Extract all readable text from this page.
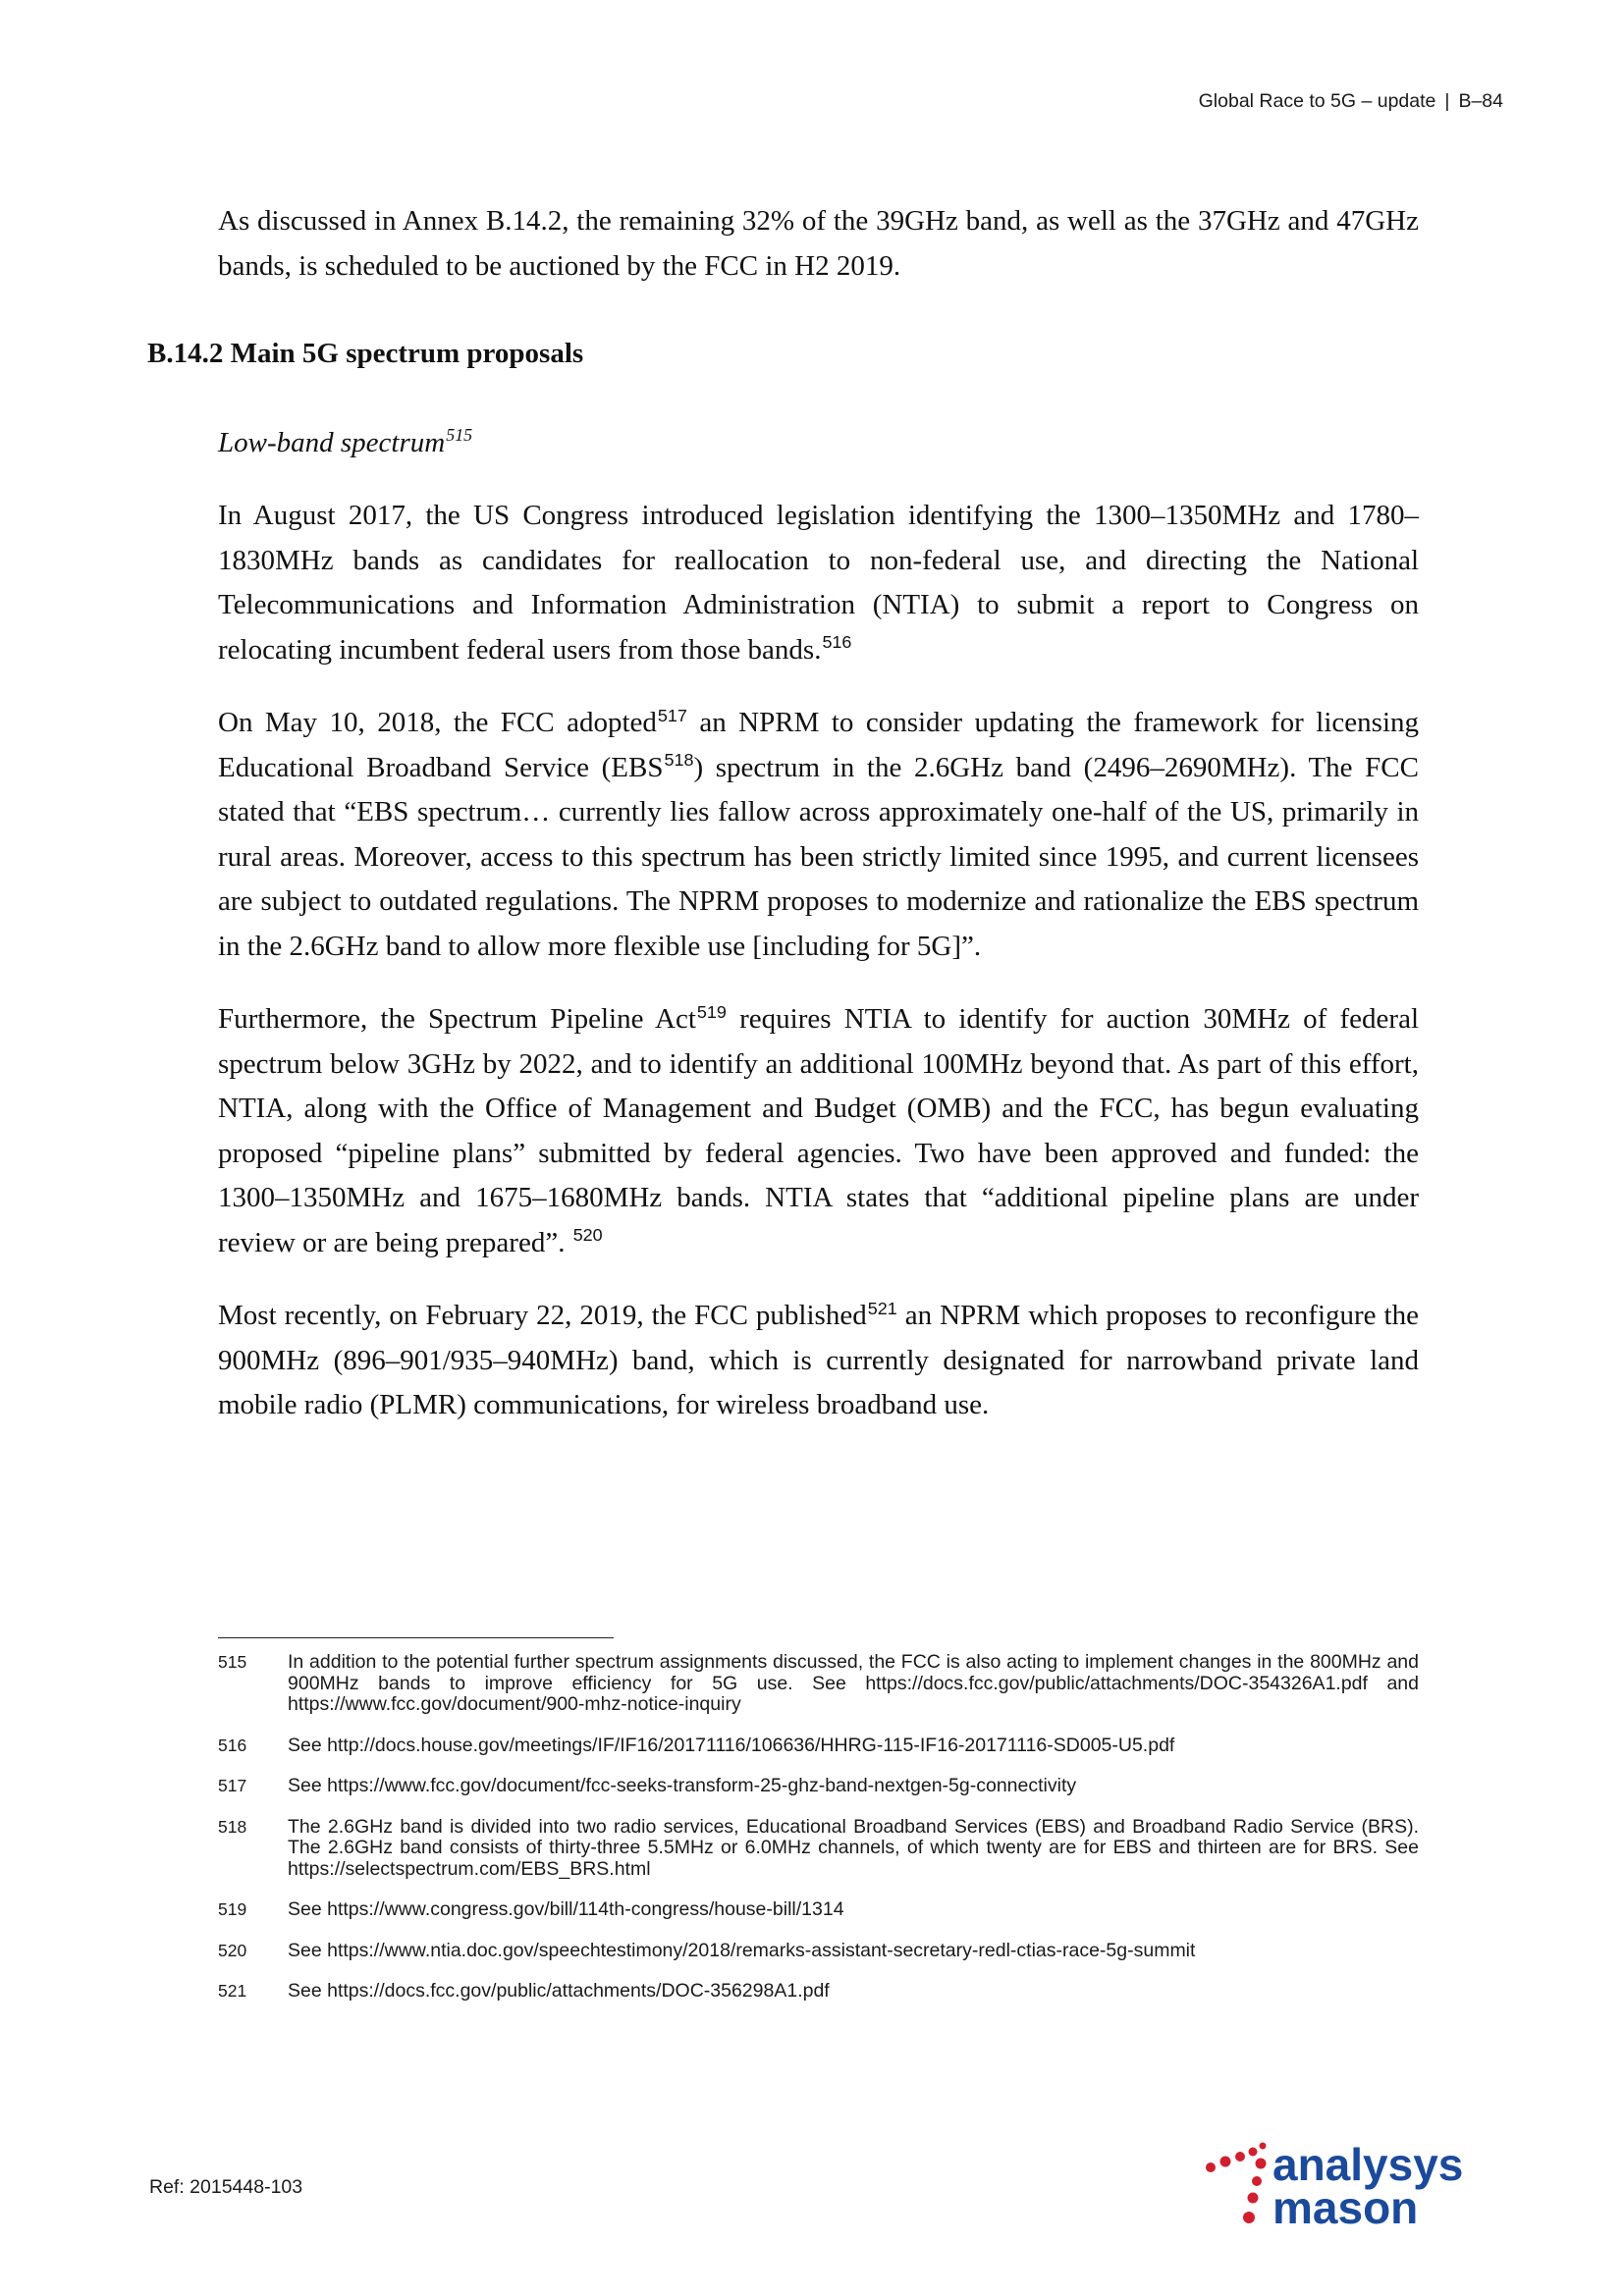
Global Race to 5G – update | B–84

As discussed in Annex B.14.2, the remaining 32% of the 39GHz band, as well as the 37GHz and 47GHz bands, is scheduled to be auctioned by the FCC in H2 2019.

B.14.2 Main 5G spectrum proposals

Low-band spectrum$^{515}$

In August 2017, the US Congress introduced legislation identifying the 1300–1350MHz and 1780–1830MHz bands as candidates for reallocation to non-federal use, and directing the National Telecommunications and Information Administration (NTIA) to submit a report to Congress on relocating incumbent federal users from those bands.$^{516}$

On May 10, 2018, the FCC adopted$^{517}$ an NPRM to consider updating the framework for licensing Educational Broadband Service (EBS$^{518}$) spectrum in the 2.6GHz band (2496–2690MHz). The FCC stated that “EBS spectrum… currently lies fallow across approximately one-half of the US, primarily in rural areas. Moreover, access to this spectrum has been strictly limited since 1995, and current licensees are subject to outdated regulations. The NPRM proposes to modernize and rationalize the EBS spectrum in the 2.6GHz band to allow more flexible use [including for 5G]”.

Furthermore, the Spectrum Pipeline Act$^{519}$ requires NTIA to identify for auction 30MHz of federal spectrum below 3GHz by 2022, and to identify an additional 100MHz beyond that. As part of this effort, NTIA, along with the Office of Management and Budget (OMB) and the FCC, has begun evaluating proposed “pipeline plans” submitted by federal agencies. Two have been approved and funded: the 1300–1350MHz and 1675–1680MHz bands. NTIA states that “additional pipeline plans are under review or are being prepared”. $^{520}$

Most recently, on February 22, 2019, the FCC published$^{521}$ an NPRM which proposes to reconfigure the 900MHz (896–901/935–940MHz) band, which is currently designated for narrowband private land mobile radio (PLMR) communications, for wireless broadband use.

515	In addition to the potential further spectrum assignments discussed, the FCC is also acting to implement changes in the 800MHz and 900MHz bands to improve efficiency for 5G use. See https://docs.fcc.gov/public/attachments/DOC-354326A1.pdf and https://www.fcc.gov/document/900-mhz-notice-inquiry
516	See http://docs.house.gov/meetings/IF/IF16/20171116/106636/HHRG-115-IF16-20171116-SD005-U5.pdf
517	See https://www.fcc.gov/document/fcc-seeks-transform-25-ghz-band-nextgen-5g-connectivity
518	The 2.6GHz band is divided into two radio services, Educational Broadband Services (EBS) and Broadband Radio Service (BRS). The 2.6GHz band consists of thirty-three 5.5MHz or 6.0MHz channels, of which twenty are for EBS and thirteen are for BRS. See https://selectspectrum.com/EBS_BRS.html
519	See https://www.congress.gov/bill/114th-congress/house-bill/1314
520	See https://www.ntia.doc.gov/speechtestimony/2018/remarks-assistant-secretary-redl-ctias-race-5g-summit
521	See https://docs.fcc.gov/public/attachments/DOC-356298A1.pdf
Ref: 2015448-103	analysys
mason
